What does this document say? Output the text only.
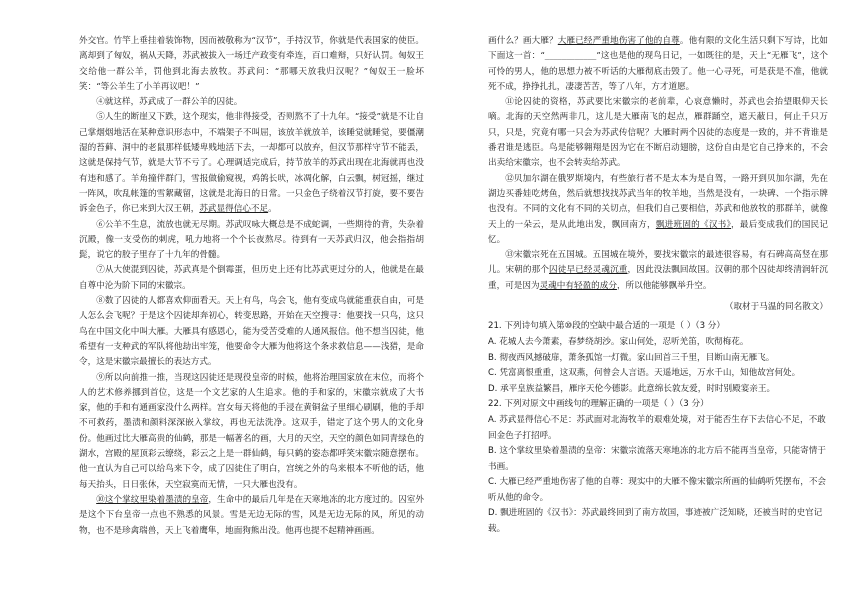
外交官。竹竿上垂挂着装饰物，因而被敬称为“汉节”，手持汉节，你就是代表国家的使臣。离却到了匈奴，祸从天降，苏武被拔入一场迁产政变有牵连，百口难辩，只好认罚。匈奴王交给他一群公羊，罚他到北海去放牧。苏武问：“那哪天放我归汉呢？”匈奴王一脸坏笑：“等公羊生了小羊再议吧！”

④就这样，苏武成了一群公羊的囚徒。

⑤人生的断崖又下跌，这个现实，他非得接受，否则熬不了十九年。“接受”就是不让自己掌烟烟地活在某种意识形态中，不端架子不叫屈，该放羊就放羊，该睡觉就睡觉，要僵潮湿的苔藓、洞中的老鼠那样低矮卑贱地活下去，一却都可以放弃，但汉节那样守节不能丢，这就是保持气节，就是大节不亏了。心理调适完成后，持节放羊的苏武出现在北海就再也没有违和感了。羊角撞伴群门，雪报做偷窥视，鸡鸽长吠，冰凋化解，白云飘，树冠摇，继过一阵风，吹乱帐篷的雪絮藏留，这就是北海日的日常。一只金色子绕着汉节打旋，要不要告诉金色子，你已来到大汉王朝，苏武显得信心不足。

⑥公羊不生息，流放也就无尽期。苏武叹咏大概总是不成蛇调，一些期待的背，失杂着沉殿，像一支受伤的刺虎，吼力地将一个个长夜熬尽。待到有一天苏武归汉，他会指指胡髭，说它的胶子里存了十九年的骨髓。

⑦从大使混到囚徒，苏武真是个倒霉蛋，但历史上还有比苏武更过分的人，他就是在最自尊中沦为阶下同的宋徽宗。

⑧数了囚徒的人都喜欢仰面看天。天上有鸟，鸟会飞，他有变成鸟就能重获自由，可是人怎么会飞呢？于是这个囚徒却奔初心，转变思路，开始在天空搜寻：他要找一只鸟，这只鸟在中国文化中叫大雁。大雁具有感恩心，能为受苦受难的人通风报信。他不想当囚徒，他希望有一支种武的军队将他劫出牢笼，他要命令大雁为他将这个条求救信息——浅猎，是命令，这是宋徽宗最擅长的表达方式。

⑨所以向前推一推，当现这囚徒还是现役皇帝的时候，他将治理国家放在末位，而将个人的艺术修养挪到首位，这是一个文艺家的人生追求。他的手和家的，宋徽宗就成了大书家，他的手和有通画家没什么两样。宫女每天将他的手浸在黄铜盆子里细心刷刷，他的手却不可救药，墨渍和颜料深深嵌入掌纹，再也无法洗净。这双手，错定了这个男人的文化身份。他画过比大雁高贵的仙鹤，那是一幅著名的画，大月的天空，天空的颜色如同青绿色的湖水，宫殿的屋顶彩云缭绕，彩云之上是一群仙鹤，每只鹤的姿态都呼笑宋徽宗随意摆布。他一直认为自己可以给鸟来下令，成了囚徒住了明白，宫统之外的鸟来根本不听他的话，他每天抬头，日日张休，天空寂寞而无情，一只大雁也没有。

⑩这个掌纹里染着墨渍的皇帝，生命中的最后几年是在天寒地冻的北方度过的。囚室外是这个下台皇帝一点也不熟悉的风景。雪是无边无际的雪，风是无边无际的风，所见的动物，也不是珍禽瑞兽，天上飞着鹰隼，地面狗熊出没。他再也提不起精神画画。

画什么？画大雁？大雁已经严重地伤害了他的自尊。他有限的文化生活只剩下写诗，比如下面这一首：“____________”这也是他的现鸟日记，一如既往的是，天上“无雁飞”，这个可怜的男人，他的思想力被不听话的大雁彻底击毁了。他一心寻死，可是获是不准，他就死不成，挣挣扎扎，凄凄苦苦，等了八年，方才道愿。

⑪论囚徒的资格，苏武要比宋徽宗的老前辈，心哀意懒时，苏武也会抬望眼仰天长嘀。北海的天空然两非几，这儿是大雁南飞的起点，雁群踊空，遮天蔽日，何止千只万只，只是，究竟有哪一只会为苏武传信呢？大雁时两个囚徒的态度是一致的，并不背谁是番君谁是逃臣。鸟是能够翱翔是因为它在不断启动翅膀，这份自由是它自己挣来的，不会出卖给宋徽宗，也不会转卖给苏武。

⑫贝加尔湖在俄罗斯境内，有些旅行者不是太本为是自驾，一路开到贝加尔湖，先在湖边买番娃吃烤鱼，然后就想找找苏武当年的牧羊地，当然是没有，一块碑、一个指示牌也没有。不同的文化有不同的关切点，但我们自己要相信，苏武和他放牧的那群羊，就像天上的一朵云，是从此地出发，飘回南方，飘进班固的《汉书》，最后变成我们的国民记忆。

⑬宋徽宗死在五国城。五国城在境外，要找宋徽宗的最迹很容易，有石碑高高竖在那儿。宋朝的那个囚徒早已经灵魂沉重，因此没法飘回故国。汉朝的那个囚徒却终清润轩沉重，可是因为灵魂中有轻盈的成分，所以他能够飘举升空。

（取材于马温的同名散文）

21. 下列诗句填入第⑩段的空缺中最合适的一项是（ ）（3 分）

A. 花城人去今萧素，春梦绕胡沙。家山何处，忍听羌笛，吹彻梅花。

B. 彻夜西风撼破扉，萧条孤馆一灯微。家山回首三千里，目断山南无雁飞。

C. 凭富离恨重重，这双燕，何曾会人言语。天遥地远，万水千山，知他故宫何处。

D. 承平皇族益繁昌，雁序天伦今德影。此意绵长敦友爱，时时别殿宴亲王。

22. 下列对原文中画线句的理解正确的一项是（ ）（3 分）

A. 苏武显得信心不足：苏武面对北海牧羊的艰难处境，对于能否生存下去信心不足，不敢回金色子打招呼。

B. 这个掌纹里染着墨渍的皇帝：宋徽宗流落天寒地冻的北方后不能再当皇帝，只能寄情于书画。

C. 大雁已经严重地伤害了他的自尊：现实中的大雁不像宋徽宗所画的仙鹤听凭摆布，不会听从他的命令。

D. 飘进班固的《汉书》：苏武最终回到了南方故国，事迹被广泛知晓，还被当时的史官记载。
